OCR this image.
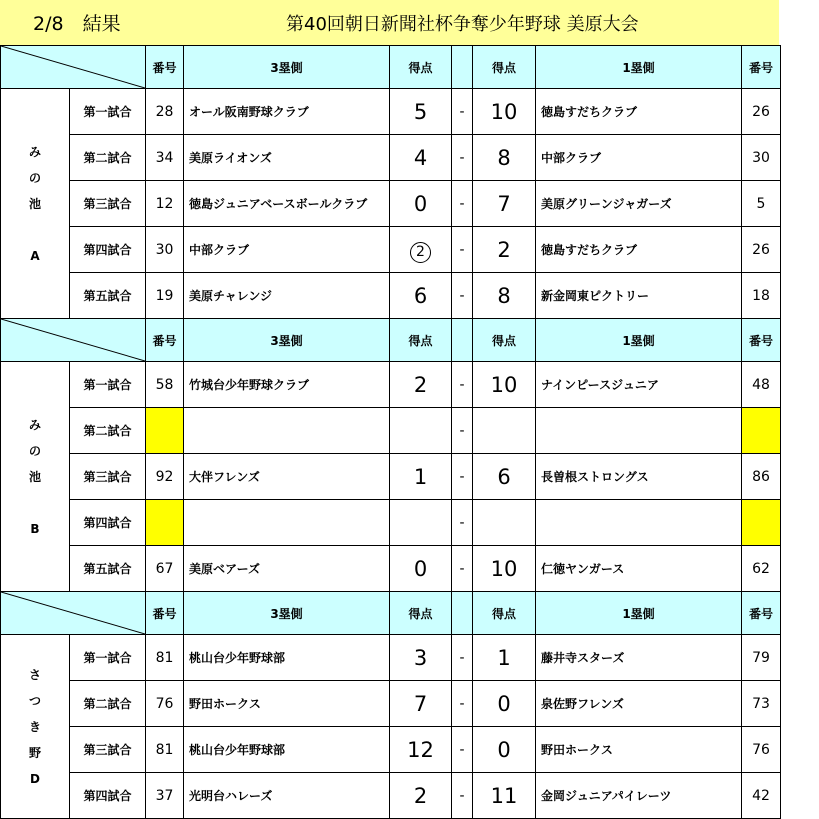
2/8　結果	第40回朝日新聞社杯争奪少年野球 美原大会
	番号	3塁側	得点		得点	1塁側	番号

み
の
池

A	第一試合	28	オール阪南野球クラブ	5	-	10	徳島すだちクラブ	26
	第二試合	34	美原ライオンズ	4	-	8	中部クラブ	30
	第三試合	12	徳島ジュニアベースボールクラブ	0	-	7	美原グリーンジャガーズ	5
	第四試合	30	中部クラブ	2	-	2	徳島すだちクラブ	26
	第五試合	19	美原チャレンジ	6	-	8	新金岡東ピクトリー	18

	番号	3塁側	得点		得点	1塁側	番号

み
の
池

B	第一試合	58	竹城台少年野球クラブ	2	-	10	ナインピースジュニア	48
	第二試合				-			
	第三試合	92	大伴フレンズ	1	-	6	長曽根ストロングス	86
	第四試合				-			
	第五試合	67	美原ベアーズ	0	-	10	仁徳ヤンガース	62

	番号	3塁側	得点		得点	1塁側	番号

さ
つ
き
野
D	第一試合	81	桃山台少年野球部	3	-	1	藤井寺スターズ	79
	第二試合	76	野田ホークス	7	-	0	泉佐野フレンズ	73
	第三試合	81	桃山台少年野球部	12	-	0	野田ホークス	76
	第四試合	37	光明台ハレーズ	2	-	11	金岡ジュニアパイレーツ	42
